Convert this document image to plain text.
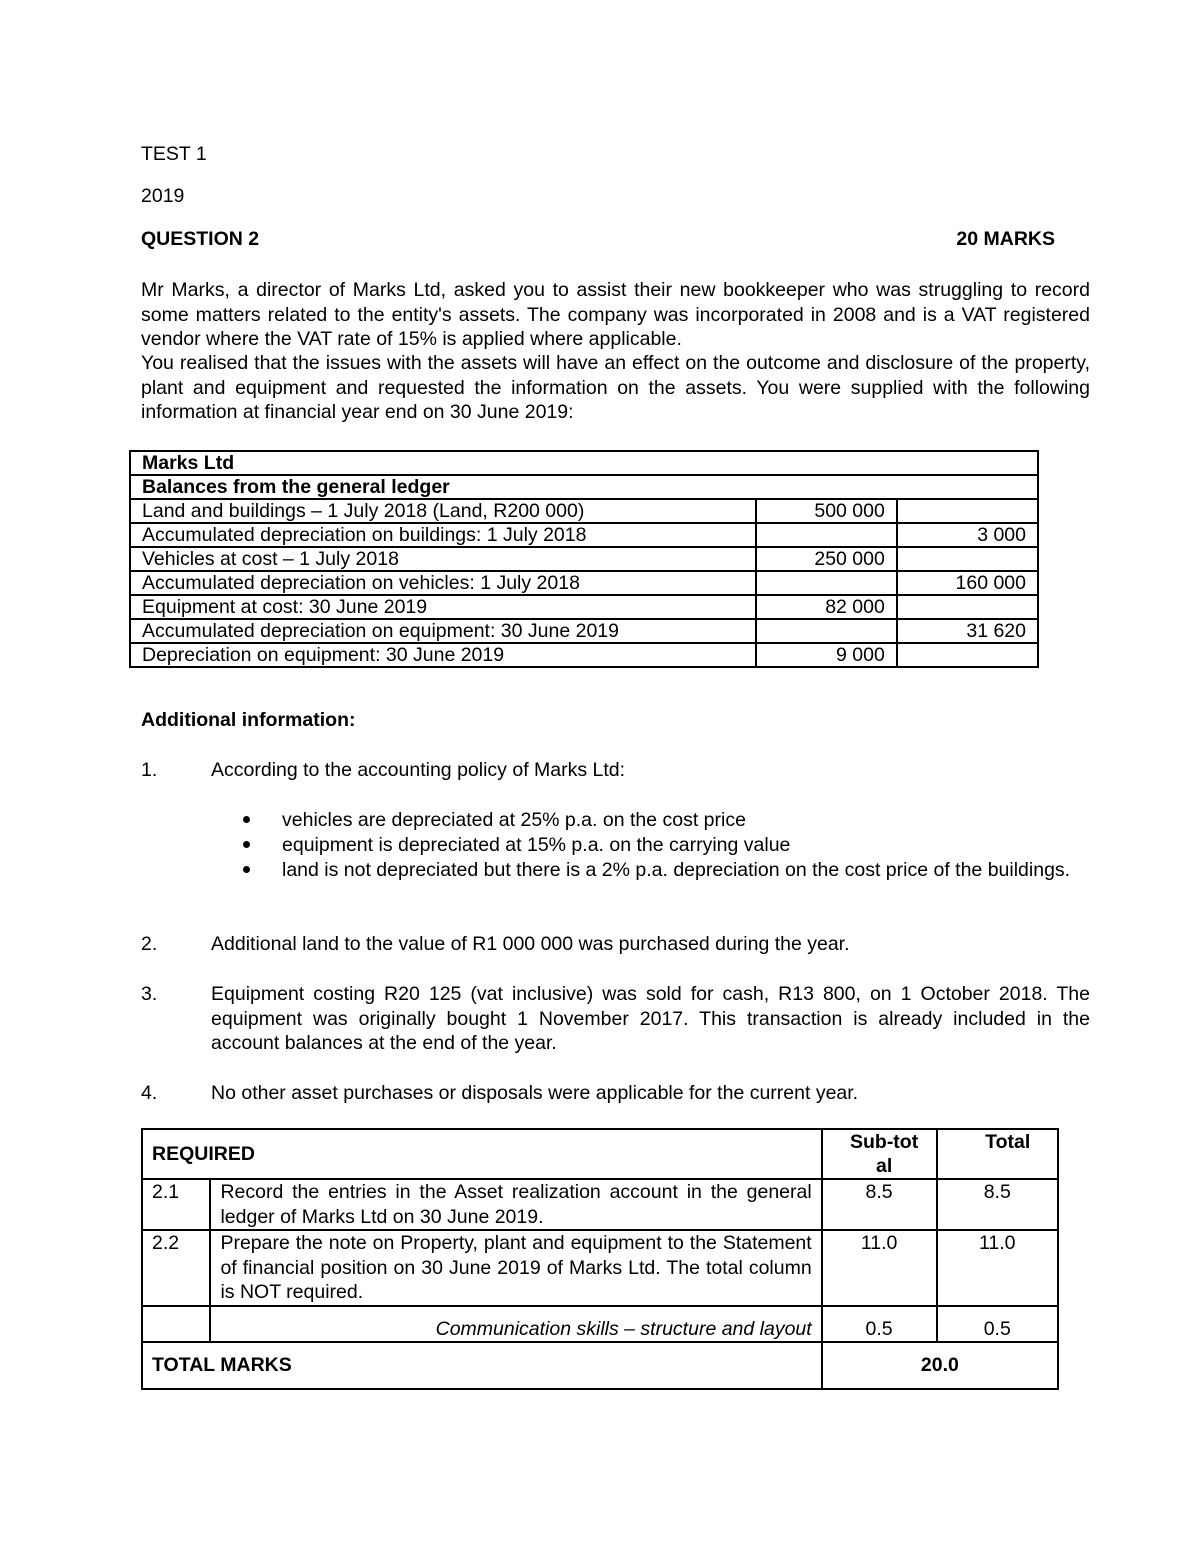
TEST 1
2019
QUESTION 2	20 MARKS
Mr Marks, a director of Marks Ltd, asked you to assist their new bookkeeper who was struggling to record some matters related to the entity's assets. The company was incorporated in 2008 and is a VAT registered vendor where the VAT rate of 15% is applied where applicable.
You realised that the issues with the assets will have an effect on the outcome and disclosure of the property, plant and equipment and requested the information on the assets. You were supplied with the following information at financial year end on 30 June 2019:
Marks Ltd		
Balances from the general ledger		
Land and buildings – 1 July 2018 (Land, R200 000)	500 000	
Accumulated depreciation on buildings: 1 July 2018		3 000
Vehicles at cost – 1 July 2018	250 000	
Accumulated depreciation on vehicles: 1 July 2018		160 000
Equipment at cost: 30 June 2019	82 000	
Accumulated depreciation on equipment: 30 June 2019		31 620
Depreciation on equipment: 30 June 2019	9 000	
Additional information:
1.	According to the accounting policy of Marks Ltd:
vehicles are depreciated at 25% p.a. on the cost price
equipment is depreciated at 15% p.a. on the carrying value
land is not depreciated but there is a 2% p.a. depreciation on the cost price of the buildings.
2.	Additional land to the value of R1 000 000 was purchased during the year.
3.	Equipment costing R20 125 (vat inclusive) was sold for cash, R13 800, on 1 October 2018. The equipment was originally bought 1 November 2017. This transaction is already included in the account balances at the end of the year.
4.	No other asset purchases or disposals were applicable for the current year.
REQUIRED		Sub-total	Total
2.1	Record the entries in the Asset realization account in the general ledger of Marks Ltd on 30 June 2019.	8.5	8.5
2.2	Prepare the note on Property, plant and equipment to the Statement of financial position on 30 June 2019 of Marks Ltd. The total column is NOT required.	11.0	11.0
	Communication skills – structure and layout	0.5	0.5
TOTAL MARKS		20.0	
